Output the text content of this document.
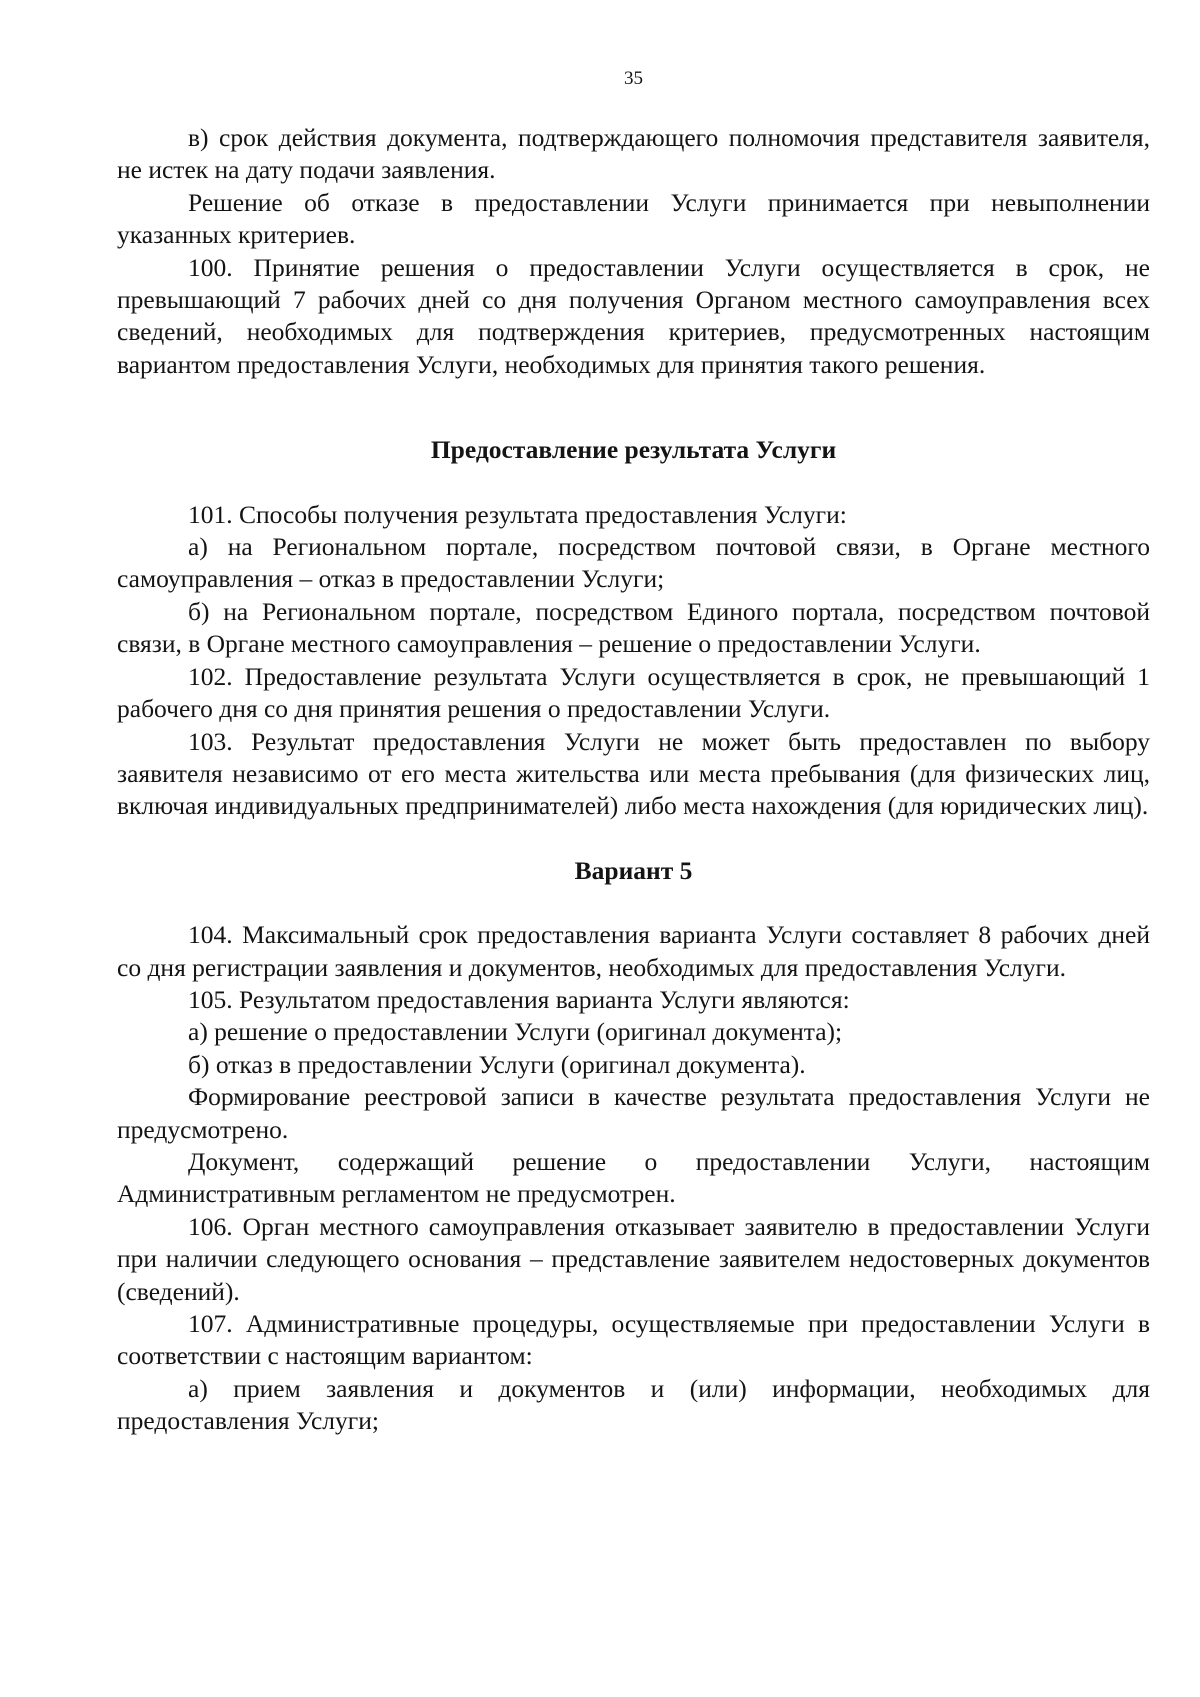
35

в) срок действия документа, подтверждающего полномочия представителя заявителя, не истек на дату подачи заявления.

Решение об отказе в предоставлении Услуги принимается при невыполнении указанных критериев.

100. Принятие решения о предоставлении Услуги осуществляется в срок, не превышающий 7 рабочих дней со дня получения Органом местного самоуправления всех сведений, необходимых для подтверждения критериев, предусмотренных настоящим вариантом предоставления Услуги, необходимых для принятия такого решения.

Предоставление результата Услуги

101. Способы получения результата предоставления Услуги:

а) на Региональном портале, посредством почтовой связи, в Органе местного самоуправления – отказ в предоставлении Услуги;

б) на Региональном портале, посредством Единого портала, посредством почтовой связи, в Органе местного самоуправления – решение о предоставлении Услуги.

102. Предоставление результата Услуги осуществляется в срок, не превышающий 1 рабочего дня со дня принятия решения о предоставлении Услуги.

103. Результат предоставления Услуги не может быть предоставлен по выбору заявителя независимо от его места жительства или места пребывания (для физических лиц, включая индивидуальных предпринимателей) либо места нахождения (для юридических лиц).

Вариант 5

104. Максимальный срок предоставления варианта Услуги составляет 8 рабочих дней со дня регистрации заявления и документов, необходимых для предоставления Услуги.

105. Результатом предоставления варианта Услуги являются:

а) решение о предоставлении Услуги (оригинал документа);

б) отказ в предоставлении Услуги (оригинал документа).

Формирование реестровой записи в качестве результата предоставления Услуги не предусмотрено.

Документ, содержащий решение о предоставлении Услуги, настоящим Административным регламентом не предусмотрен.

106. Орган местного самоуправления отказывает заявителю в предоставлении Услуги при наличии следующего основания – представление заявителем недостоверных документов (сведений).

107. Административные процедуры, осуществляемые при предоставлении Услуги в соответствии с настоящим вариантом:

а) прием заявления и документов и (или) информации, необходимых для предоставления Услуги;
